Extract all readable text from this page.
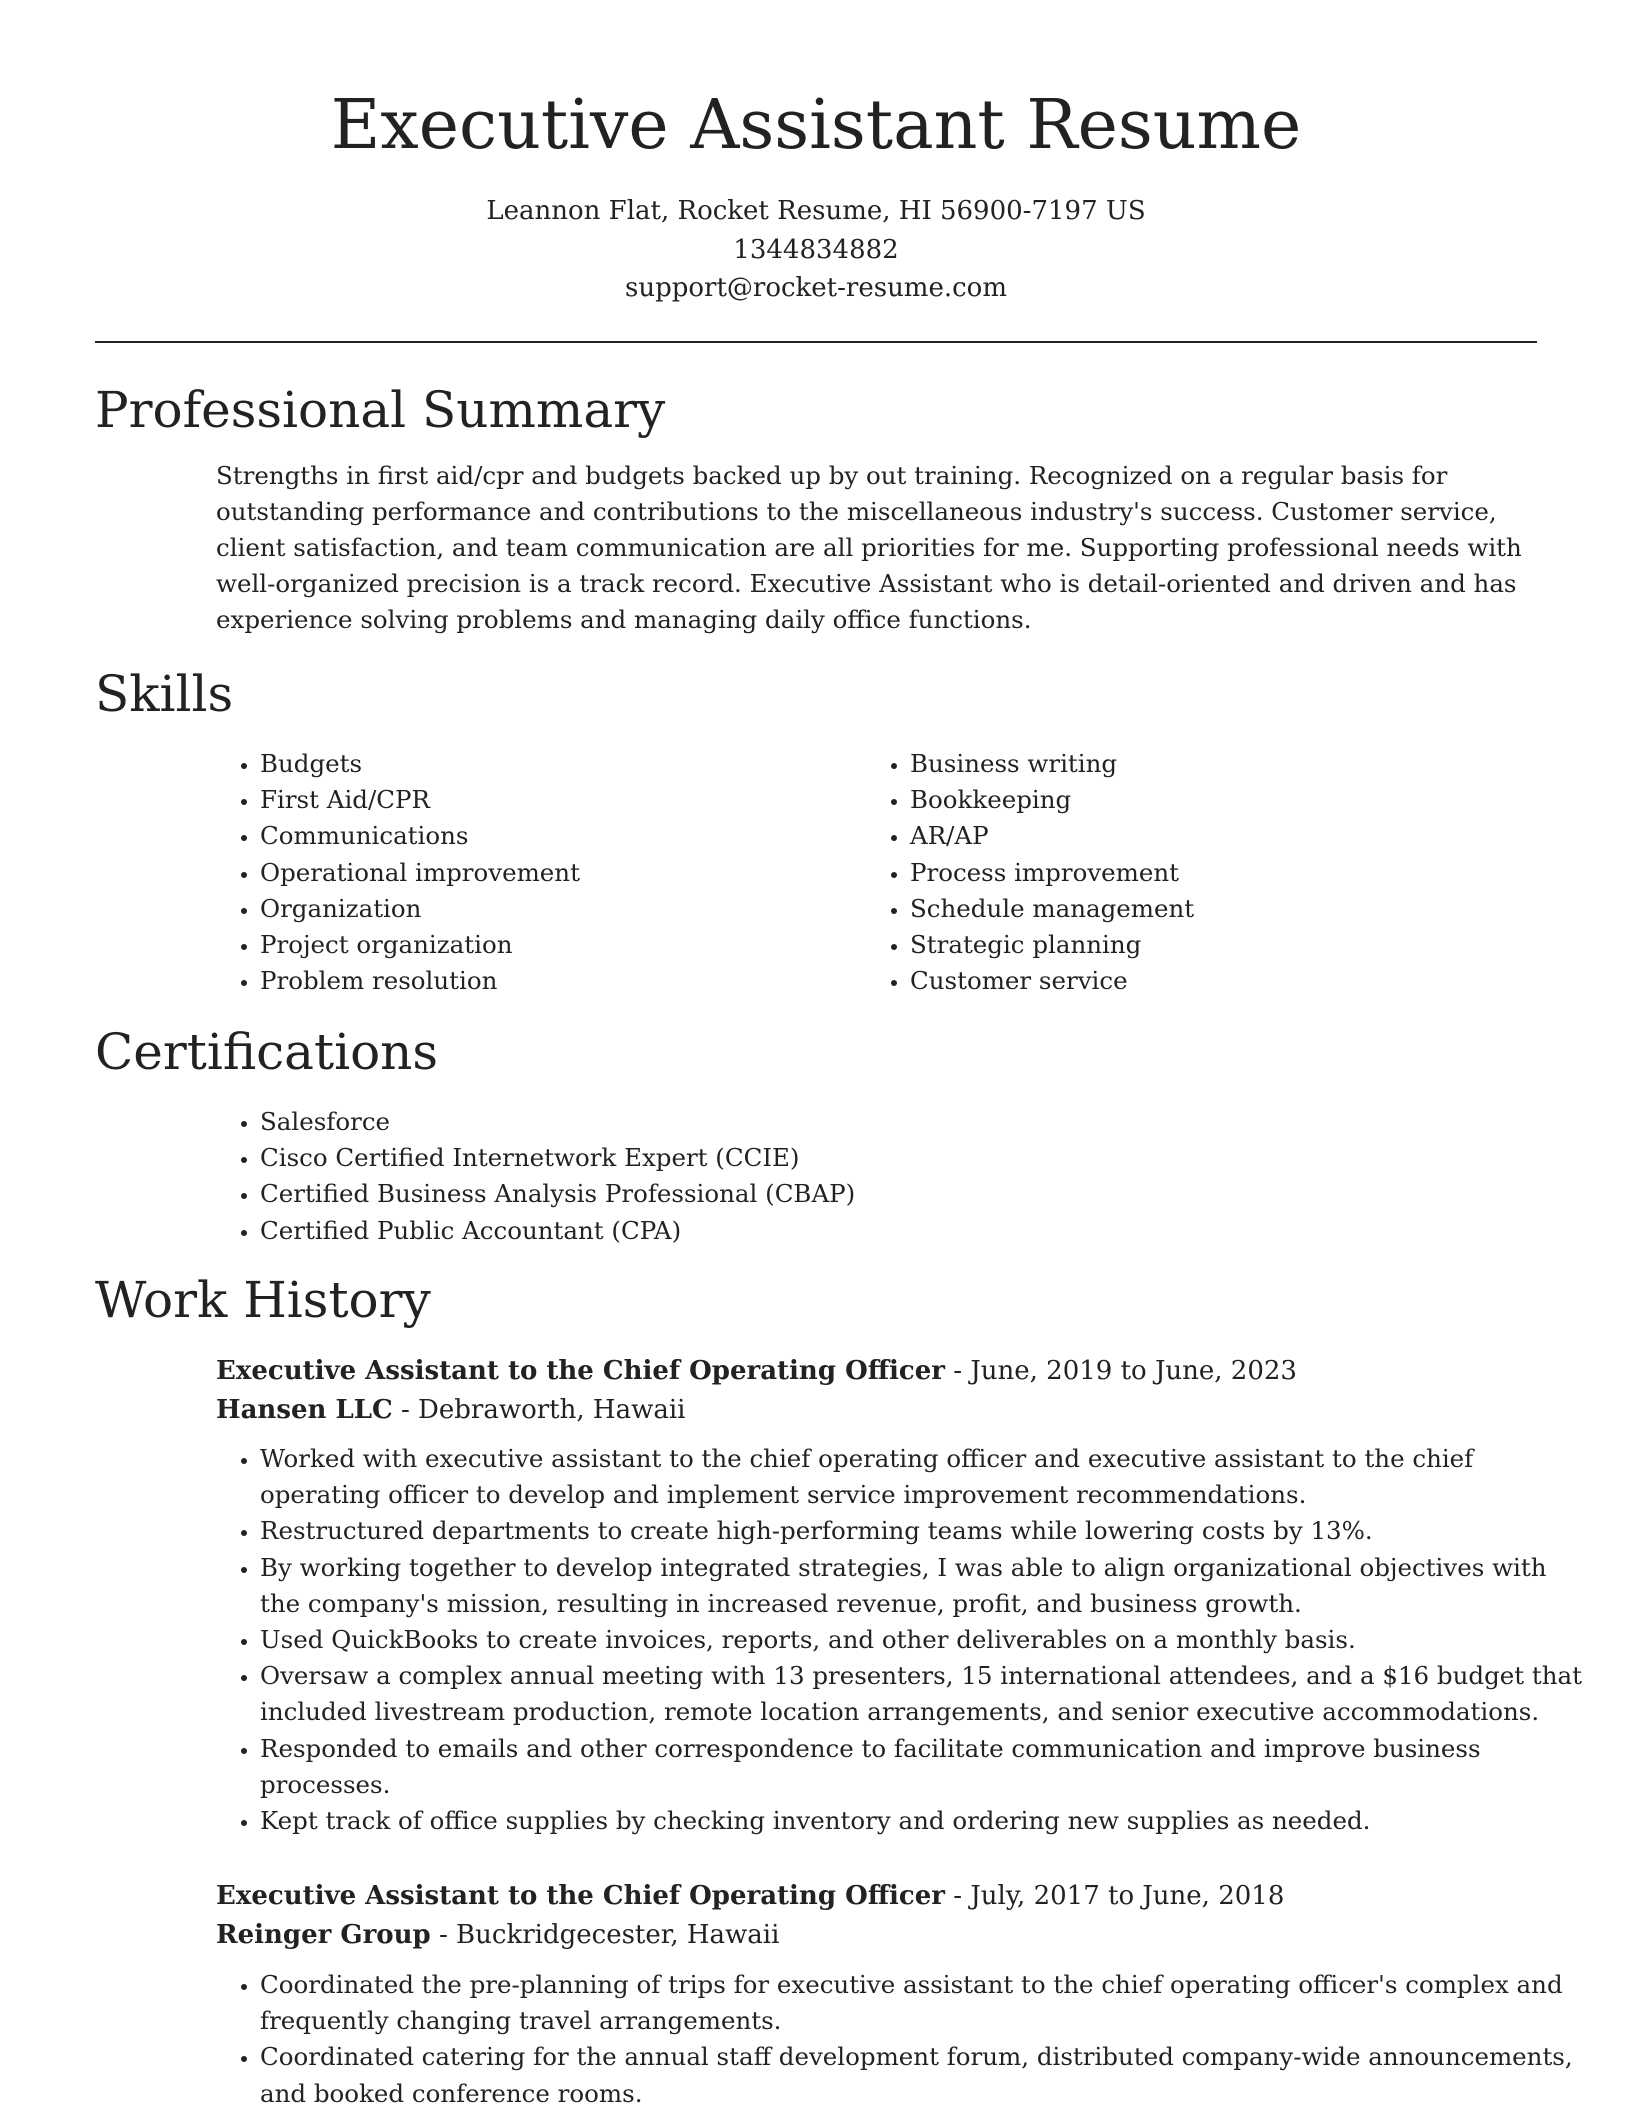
Executive Assistant Resume
Leannon Flat, Rocket Resume, HI 56900-7197 US
1344834882
support@rocket-resume.com
Professional Summary

Strengths in first aid/cpr and budgets backed up by out training. Recognized on a regular basis for outstanding performance and contributions to the miscellaneous industry's success. Customer service, client satisfaction, and team communication are all priorities for me. Supporting professional needs with well-organized precision is a track record. Executive Assistant who is detail-oriented and driven and has experience solving problems and managing daily office functions.

Skills
• Budgets
• First Aid/CPR
• Communications
• Operational improvement
• Organization
• Project organization
• Problem resolution
• Business writing
• Bookkeeping
• AR/AP
• Process improvement
• Schedule management
• Strategic planning
• Customer service
Certifications
• Salesforce
• Cisco Certified Internetwork Expert (CCIE)
• Certified Business Analysis Professional (CBAP)
• Certified Public Accountant (CPA)
Work History
Executive Assistant to the Chief Operating Officer - June, 2019 to June, 2023
Hansen LLC - Debraworth, Hawaii
• Worked with executive assistant to the chief operating officer and executive assistant to the chief operating officer to develop and implement service improvement recommendations.
• Restructured departments to create high-performing teams while lowering costs by 13%.
• By working together to develop integrated strategies, I was able to align organizational objectives with the company's mission, resulting in increased revenue, profit, and business growth.
• Used QuickBooks to create invoices, reports, and other deliverables on a monthly basis.
• Oversaw a complex annual meeting with 13 presenters, 15 international attendees, and a $16 budget that included livestream production, remote location arrangements, and senior executive accommodations.
• Responded to emails and other correspondence to facilitate communication and improve business processes.
• Kept track of office supplies by checking inventory and ordering new supplies as needed.
Executive Assistant to the Chief Operating Officer - July, 2017 to June, 2018
Reinger Group - Buckridgecester, Hawaii
• Coordinated the pre-planning of trips for executive assistant to the chief operating officer's complex and frequently changing travel arrangements.
• Coordinated catering for the annual staff development forum, distributed company-wide announcements, and booked conference rooms.
